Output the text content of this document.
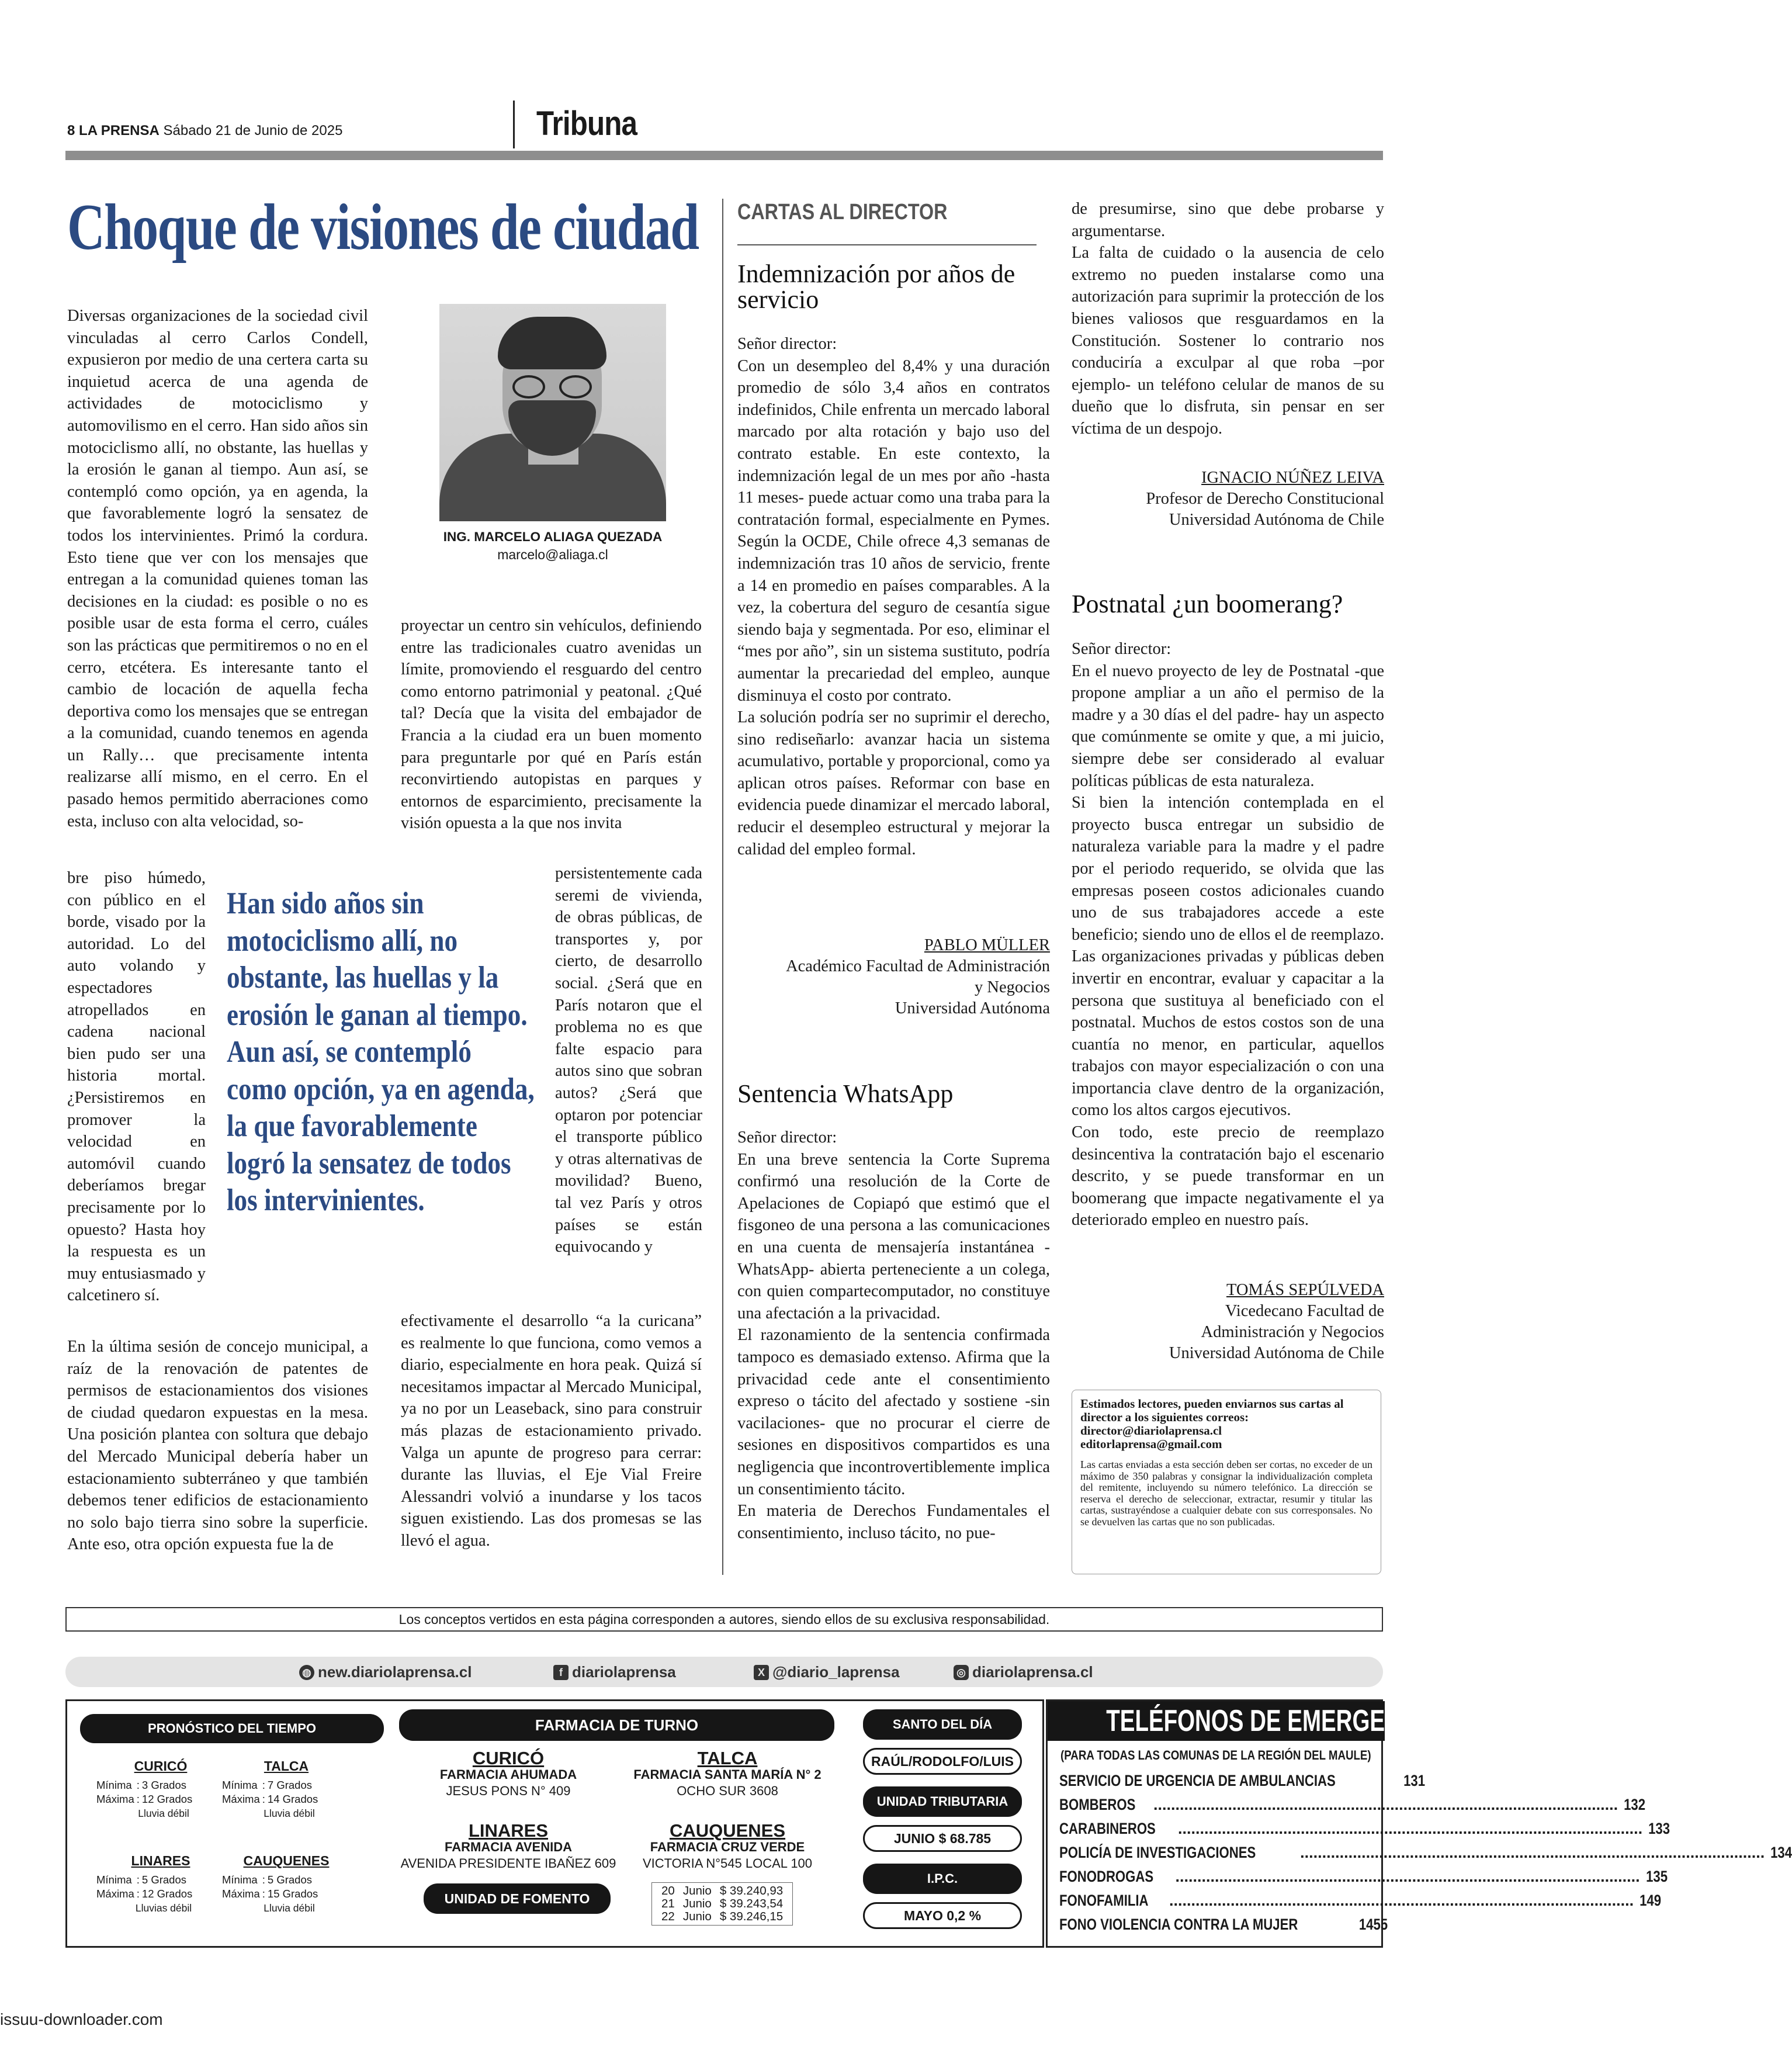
8 LA PRENSA Sábado 21 de Junio de 2025	Tribuna
Choque de visiones de ciudad

Diversas organizaciones de la sociedad civil vinculadas al cerro Carlos Condell, expusieron por medio de una certera carta su inquietud acerca de una agenda de actividades de motociclismo y automovilismo en el cerro. Han sido años sin motociclismo allí, no obstante, las huellas y la erosión le ganan al tiempo. Aun así, se contempló como opción, ya en agenda, la que favorablemente logró la sensatez de todos los intervinientes. Primó la cordura. Esto tiene que ver con los mensajes que entregan a la comunidad quienes toman las decisiones en la ciudad: es posible o no es posible usar de esta forma el cerro, cuáles son las prácticas que permitiremos o no en el cerro, etcétera. Es interesante tanto el cambio de locación de aquella fecha deportiva como los mensajes que se entregan a la comunidad, cuando tenemos en agenda un Rally… que precisamente intenta realizarse allí mismo, en el cerro. En el pasado hemos permitido aberraciones como esta, incluso con alta velocidad, so-

ING. MARCELO ALIAGA QUEZADA
marcelo@aliaga.cl

bre piso húmedo, con público en el borde, visado por la autoridad. Lo del auto volando y espectadores atropellados en cadena nacional bien pudo ser una historia mortal. ¿Persistiremos en promover la velocidad en automóvil cuando deberíamos bregar precisamente por lo opuesto? Hasta hoy la respuesta es un muy entusiasmado y calcetinero sí.

En la última sesión de concejo municipal, a raíz de la renovación de patentes de permisos de estacionamientos dos visiones de ciudad quedaron expuestas en la mesa. Una posición plantea con soltura que debajo del Mercado Municipal debería haber un estacionamiento subterráneo y que también debemos tener edificios de estacionamiento no solo bajo tierra sino sobre la superficie. Ante eso, otra opción expuesta fue la de

proyectar un centro sin vehículos, definiendo entre las tradicionales cuatro avenidas un límite, promoviendo el resguardo del centro como entorno patrimonial y peatonal. ¿Qué tal? Decía que la visita del embajador de Francia a la ciudad era un buen momento para preguntarle por qué en París están reconvirtiendo autopistas en parques y entornos de esparcimiento, precisamente la visión opuesta a la que nos invita

Han sido años sin motociclismo allí, no obstante, las huellas y la erosión le ganan al tiempo. Aun así, se contempló como opción, ya en agenda, la que favorablemente logró la sensatez de todos los intervinientes.

persistentemente cada seremi de vivienda, de obras públicas, de transportes y, por cierto, de desarrollo social. ¿Será que en París notaron que el problema no es que falte espacio para autos sino que sobran autos? ¿Será que optaron por potenciar el transporte público y otras alternativas de movilidad? Bueno, tal vez París y otros países se están equivocando y

efectivamente el desarrollo “a la curicana” es realmente lo que funciona, como vemos a diario, especialmente en hora peak. Quizá sí necesitamos impactar al Mercado Municipal, ya no por un Leaseback, sino para construir más plazas de estacionamiento privado. Valga un apunte de progreso para cerrar: durante las lluvias, el Eje Vial Freire Alessandri volvió a inundarse y los tacos siguen existiendo. Las dos promesas se las llevó el agua.

CARTAS AL DIRECTOR
Indemnización por años de servicio

Señor director:

Con un desempleo del 8,4% y una duración promedio de sólo 3,4 años en contratos indefinidos, Chile enfrenta un mercado laboral marcado por alta rotación y bajo uso del contrato estable. En este contexto, la indemnización legal de un mes por año -hasta 11 meses- puede actuar como una traba para la contratación formal, especialmente en Pymes. Según la OCDE, Chile ofrece 4,3 semanas de indemnización tras 10 años de servicio, frente a 14 en promedio en países comparables. A la vez, la cobertura del seguro de cesantía sigue siendo baja y segmentada. Por eso, eliminar el “mes por año”, sin un sistema sustituto, podría aumentar la precariedad del empleo, aunque disminuya el costo por contrato.

La solución podría ser no suprimir el derecho, sino rediseñarlo: avanzar hacia un sistema acumulativo, portable y proporcional, como ya aplican otros países. Reformar con base en evidencia puede dinamizar el mercado laboral, reducir el desempleo estructural y mejorar la calidad del empleo formal.

PABLO MÜLLER
Académico Facultad de Administración
y Negocios
Universidad Autónoma
Sentencia WhatsApp

Señor director:

En una breve sentencia la Corte Suprema confirmó una resolución de la Corte de Apelaciones de Copiapó que estimó que el fisgoneo de una persona a las comunicaciones en una cuenta de mensajería instantánea -WhatsApp- abierta perteneciente a un colega, con quien compartecomputador, no constituye una afectación a la privacidad.

El razonamiento de la sentencia confirmada tampoco es demasiado extenso. Afirma que la privacidad cede ante el consentimiento expreso o tácito del afectado y sostiene -sin vacilaciones- que no procurar el cierre de sesiones en dispositivos compartidos es una negligencia que incontrovertiblemente implica un consentimiento tácito.

En materia de Derechos Fundamentales el consentimiento, incluso tácito, no pue-

de presumirse, sino que debe probarse y argumentarse.

La falta de cuidado o la ausencia de celo extremo no pueden instalarse como una autorización para suprimir la protección de los bienes valiosos que resguardamos en la Constitución. Sostener lo contrario nos conduciría a exculpar al que roba –por ejemplo- un teléfono celular de manos de su dueño que lo disfruta, sin pensar en ser víctima de un despojo.

IGNACIO NÚÑEZ LEIVA
Profesor de Derecho Constitucional
Universidad Autónoma de Chile
Postnatal ¿un boomerang?

Señor director:

En el nuevo proyecto de ley de Postnatal -que propone ampliar a un año el permiso de la madre y a 30 días el del padre- hay un aspecto que comúnmente se omite y que, a mi juicio, siempre debe ser considerado al evaluar políticas públicas de esta naturaleza.

Si bien la intención contemplada en el proyecto busca entregar un subsidio de naturaleza variable para la madre y el padre por el periodo requerido, se olvida que las empresas poseen costos adicionales cuando uno de sus trabajadores accede a este beneficio; siendo uno de ellos el de reemplazo. Las organizaciones privadas y públicas deben invertir en encontrar, evaluar y capacitar a la persona que sustituya al beneficiado con el postnatal. Muchos de estos costos son de una cuantía no menor, en particular, aquellos trabajos con mayor especialización o con una importancia clave dentro de la organización, como los altos cargos ejecutivos.

Con todo, este precio de reemplazo desincentiva la contratación bajo el escenario descrito, y se puede transformar en un boomerang que impacte negativamente el ya deteriorado empleo en nuestro país.

TOMÁS SEPÚLVEDA
Vicedecano Facultad de
Administración y Negocios
Universidad Autónoma de Chile
Estimados lectores, pueden enviarnos sus cartas al director a los siguientes correos:
director@diariolaprensa.cl
editorlaprensa@gmail.com
Las cartas enviadas a esta sección deben ser cortas, no exceder de un máximo de 350 palabras y consignar la individualización completa del remitente, incluyendo su número telefónico. La dirección se reserva el derecho de seleccionar, extractar, resumir y titular las cartas, sustrayéndose a cualquier debate con sus corresponsales. No se devuelven las cartas que no son publicadas.
Los conceptos vertidos en esta página corresponden a autores, siendo ellos de su exclusiva responsabilidad.
◍ new.diariolaprensa.cl	f diariolaprensa	X @diario_laprensa	◎ diariolaprensa.cl
PRONÓSTICO DEL TIEMPO
CURICÓ
Mínima	:	3 Grados
Máxima	:	12 Grados
Lluvia débil
TALCA
Mínima	:	7 Grados
Máxima	:	14 Grados
Lluvia débil
LINARES
Mínima	:	5 Grados
Máxima	:	12 Grados
Lluvias débil
CAUQUENES
Mínima	:	5 Grados
Máxima	:	15 Grados
Lluvia débil
FARMACIA DE TURNO
CURICÓ
FARMACIA AHUMADA
JESUS PONS N° 409
TALCA
FARMACIA SANTA MARÍA N° 2
OCHO SUR 3608
LINARES
FARMACIA AVENIDA
AVENIDA PRESIDENTE IBAÑEZ 609
CAUQUENES
FARMACIA CRUZ VERDE
VICTORIA N°545 LOCAL 100
UNIDAD DE FOMENTO
20	Junio	$ 39.240,93
21	Junio	$ 39.243,54
22	Junio	$ 39.246,15
SANTO DEL DÍA
RAÚL/RODOLFO/LUIS
UNIDAD TRIBUTARIA
JUNIO $ 68.785
I.P.C.
MAYO 0,2 %
TELÉFONOS DE EMERGENCIA
(PARA TODAS LAS COMUNAS DE LA REGIÓN DEL MAULE)
SERVICIO DE URGENCIA DE AMBULANCIAS	131
BOMBEROS .......................................................................................................... 132
CARABINEROS .......................................................................................................... 133
POLICÍA DE INVESTIGACIONES	.......................................................................................................... 134
FONODROGAS .......................................................................................................... 135
FONOFAMILIA .......................................................................................................... 149
FONO VIOLENCIA CONTRA LA MUJER	1455
issuu-downloader.com
